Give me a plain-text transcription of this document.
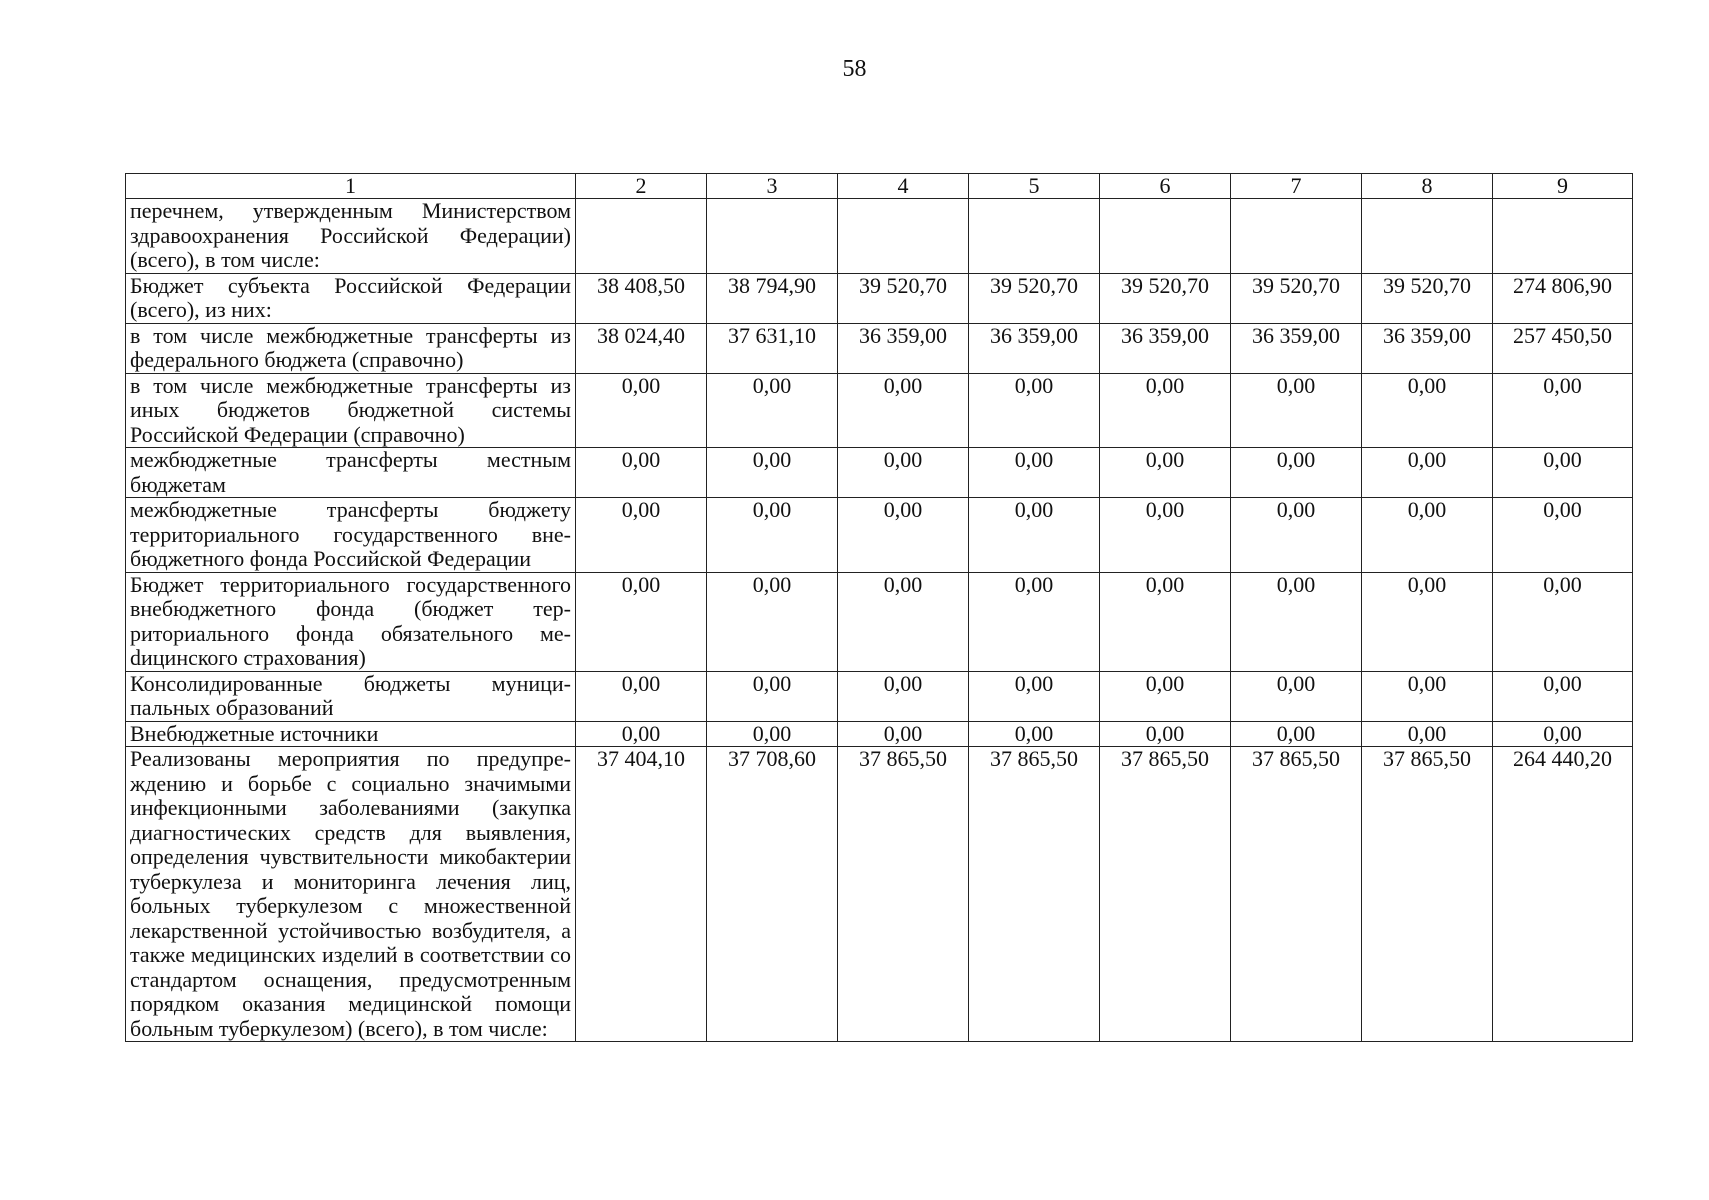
58
1	2	3	4	5	6	7	8	9
перечнем, утвержденным Министерством здравоохранения Российской Федерации) (всего), в том числе:								
Бюджет субъекта Российской Федерации (всего), из них:	38 408,50	38 794,90	39 520,70	39 520,70	39 520,70	39 520,70	39 520,70	274 806,90
в том числе межбюджетные трансферты из федерального бюджета (справочно)	38 024,40	37 631,10	36 359,00	36 359,00	36 359,00	36 359,00	36 359,00	257 450,50
в том числе межбюджетные трансферты из иных бюджетов бюджетной системы Российской Федерации (справочно)	0,00	0,00	0,00	0,00	0,00	0,00	0,00	0,00
межбюджетные трансферты местным бюджетам	0,00	0,00	0,00	0,00	0,00	0,00	0,00	0,00
межбюджетные трансферты бюджету территориального государственного внебюджетного фонда Российской Федерации	0,00	0,00	0,00	0,00	0,00	0,00	0,00	0,00
Бюджет территориального государственного внебюджетного фонда (бюджет территориального фонда обязательного меdицинского страхования)	0,00	0,00	0,00	0,00	0,00	0,00	0,00	0,00
Консолидированные бюджеты муниципальных образований	0,00	0,00	0,00	0,00	0,00	0,00	0,00	0,00
Внебюджетные источники	0,00	0,00	0,00	0,00	0,00	0,00	0,00	0,00
Реализованы мероприятия по предупреждению и борьбе с социально значимыми инфекционными заболеваниями (закупка диагностических средств для выявления, определения чувствительности микобактерии туберкулеза и мониторинга лечения лиц, больных туберкулезом с множественной лекарственной устойчивостью возбудителя, а также медицинских изделий в соответствии со стандартом оснащения, предусмотренным порядком оказания медицинской помощи больным туберкулезом) (всего), в том числе:	37 404,10	37 708,60	37 865,50	37 865,50	37 865,50	37 865,50	37 865,50	264 440,20
